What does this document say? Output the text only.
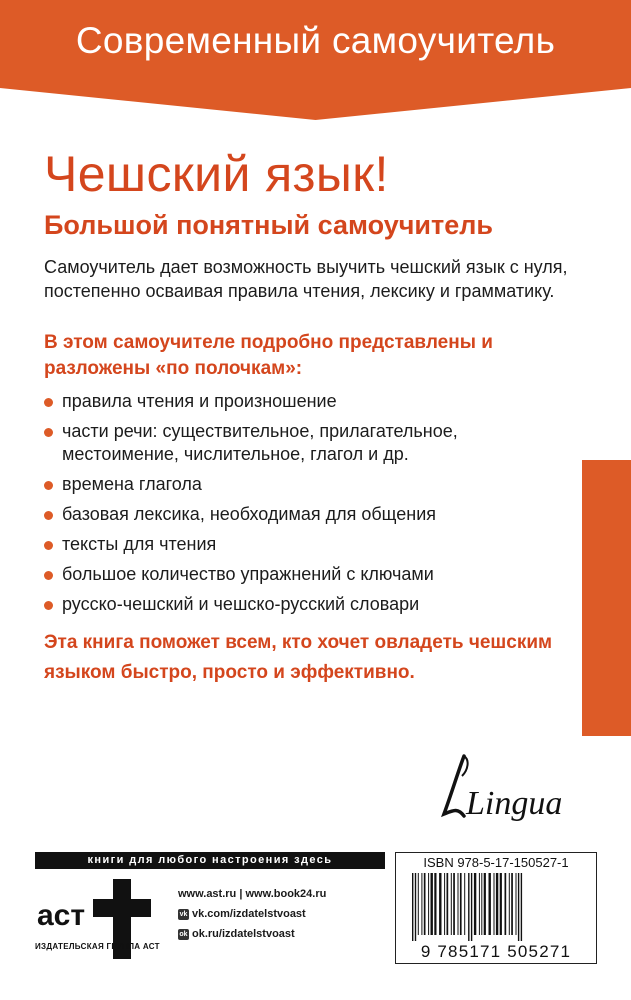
Современный самоучитель
Чешский язык!
Большой понятный самоучитель

Самоучитель дает возможность выучить чешский язык с нуля, постепенно осваивая правила чтения, лексику и грамматику.

В этом самоучителе подробно представлены и разложены «по полочкам»:

правила чтения и произношение
части речи: существительное, прилагательное, местоимение, числительное, глагол и др.
времена глагола
базовая лексика, необходимая для общения
тексты для чтения
большое количество упражнений с ключами
русско-чешский и чешско-русский словари

Эта книга поможет всем, кто хочет овладеть чешским языком быстро, просто и эффективно.

Lingua
книги для любого настроения здесь
аст
ИЗДАТЕЛЬСКАЯ ГРУППА АСТ
www.ast.ru | www.book24.ru
vk vk.com/izdatelstvoast
ok ok.ru/izdatelstvoast
ISBN 978-5-17-150527-1
9 785171 505271
